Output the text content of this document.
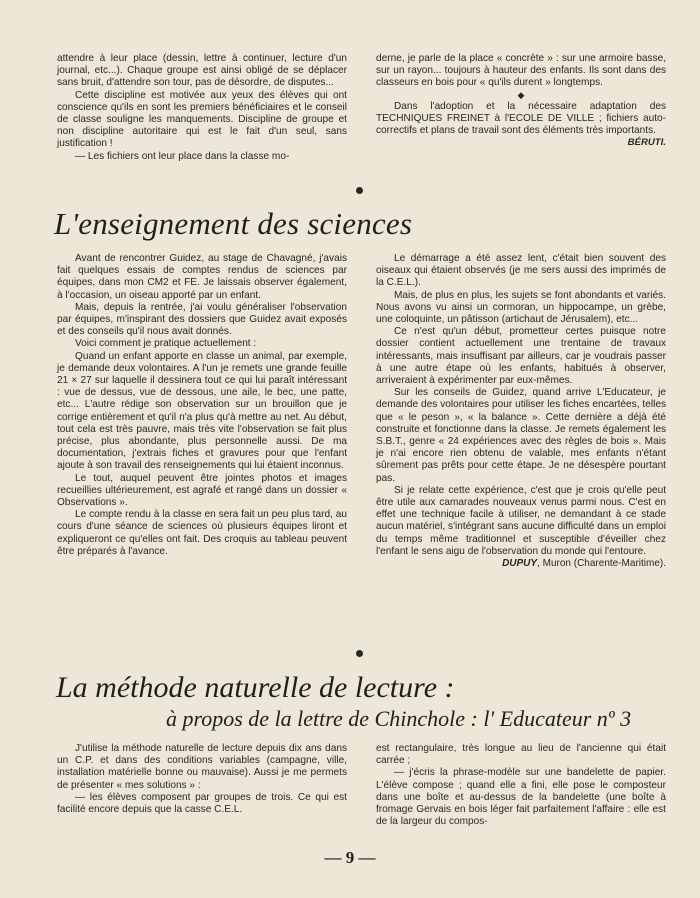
attendre à leur place (dessin, lettre à continuer, lecture d'un journal, etc...). Chaque groupe est ainsi obligé de se déplacer sans bruit, d'attendre son tour, pas de désordre, de disputes...

Cette discipline est motivée aux yeux des élèves qui ont conscience qu'ils en sont les premiers bénéficiaires et le conseil de classe souligne les manquements. Discipline de groupe et non discipline autoritaire qui est le fait d'un seul, sans justification !

— Les fichiers ont leur place dans la classe mo-

derne, je parle de la place « concrète » : sur une armoire basse, sur un rayon... toujours à hauteur des enfants. Ils sont dans des classeurs en bois pour « qu'ils durent » longtemps.

◆

Dans l'adoption et la nécessaire adaptation des TECHNIQUES FREINET à l'ECOLE DE VILLE ; fichiers auto-correctifs et plans de travail sont des éléments très importants.

BÉRUTI.
L'enseignement des sciences

Avant de rencontrer Guidez, au stage de Chavagné, j'avais fait quelques essais de comptes rendus de sciences par équipes, dans mon CM2 et FE. Je laissais observer également, à l'occasion, un oiseau apporté par un enfant.

Mais, depuis la rentrée, j'ai voulu généraliser l'observation par équipes, m'inspirant des dossiers que Guidez avait exposés et des conseils qu'il nous avait donnés.

Voici comment je pratique actuellement :

Quand un enfant apporte en classe un animal, par exemple, je demande deux volontaires. A l'un je remets une grande feuille 21 × 27 sur laquelle il dessinera tout ce qui lui paraît intéressant : vue de dessus, vue de dessous, une aile, le bec, une patte, etc... L'autre rédige son observation sur un brouillon que je corrige entièrement et qu'il n'a plus qu'à mettre au net. Au début, tout cela est très pauvre, mais très vite l'observation se fait plus précise, plus abondante, plus personnelle aussi. De ma documentation, j'extrais fiches et gravures pour que l'enfant ajoute à son travail des renseignements qui lui étaient inconnus.

Le tout, auquel peuvent être jointes photos et images recueillies ultérieurement, est agrafé et rangé dans un dossier « Observations ».

Le compte rendu à la classe en sera fait un peu plus tard, au cours d'une séance de sciences où plusieurs équipes liront et expliqueront ce qu'elles ont fait. Des croquis au tableau peuvent être préparés à l'avance.

Le démarrage a été assez lent, c'était bien souvent des oiseaux qui étaient observés (je me sers aussi des imprimés de la C.E.L.).

Mais, de plus en plus, les sujets se font abondants et variés. Nous avons vu ainsi un cormoran, un hippocampe, un grèbe, une coloquinte, un pâtisson (artichaut de Jérusalem), etc...

Ce n'est qu'un début, prometteur certes puisque notre dossier contient actuellement une trentaine de travaux intéressants, mais insuffisant par ailleurs, car je voudrais passer à une autre étape où les enfants, habitués à observer, arriveraient à expérimenter par eux-mêmes.

Sur les conseils de Guidez, quand arrive L'Educateur, je demande des volontaires pour utiliser les fiches encartées, telles que « le peson », « la balance ». Cette dernière a déjà été construite et fonctionne dans la classe. Je remets également les S.B.T., genre « 24 expériences avec des règles de bois ». Mais je n'ai encore rien obtenu de valable, mes enfants n'étant sûrement pas prêts pour cette étape. Je ne désespère pourtant pas.

Si je relate cette expérience, c'est que je crois qu'elle peut être utile aux camarades nouveaux venus parmi nous. C'est en effet une technique facile à utiliser, ne demandant à ce stade aucun matériel, s'intégrant sans aucune difficulté dans un emploi du temps même traditionnel et susceptible d'éveiller chez l'enfant le sens aigu de l'observation du monde qui l'entoure.

DUPUY, Muron (Charente-Maritime).
La méthode naturelle de lecture :
à propos de la lettre de Chinchole : l' Educateur nº 3

J'utilise la méthode naturelle de lecture depuis dix ans dans un C.P. et dans des conditions variables (campagne, ville, installation matérielle bonne ou mauvaise). Aussi je me permets de présenter « mes solutions » :

— les élèves composent par groupes de trois. Ce qui est facilité encore depuis que la casse C.E.L.

est rectangulaire, très longue au lieu de l'ancienne qui était carrée ;

— j'écris la phrase-modèle sur une bandelette de papier. L'élève compose ; quand elle a fini, elle pose le composteur dans une boîte et au-dessus de la bandelette (une boîte à fromage Gervais en bois léger fait parfaitement l'affaire : elle est de la largeur du compos-

— 9 —
